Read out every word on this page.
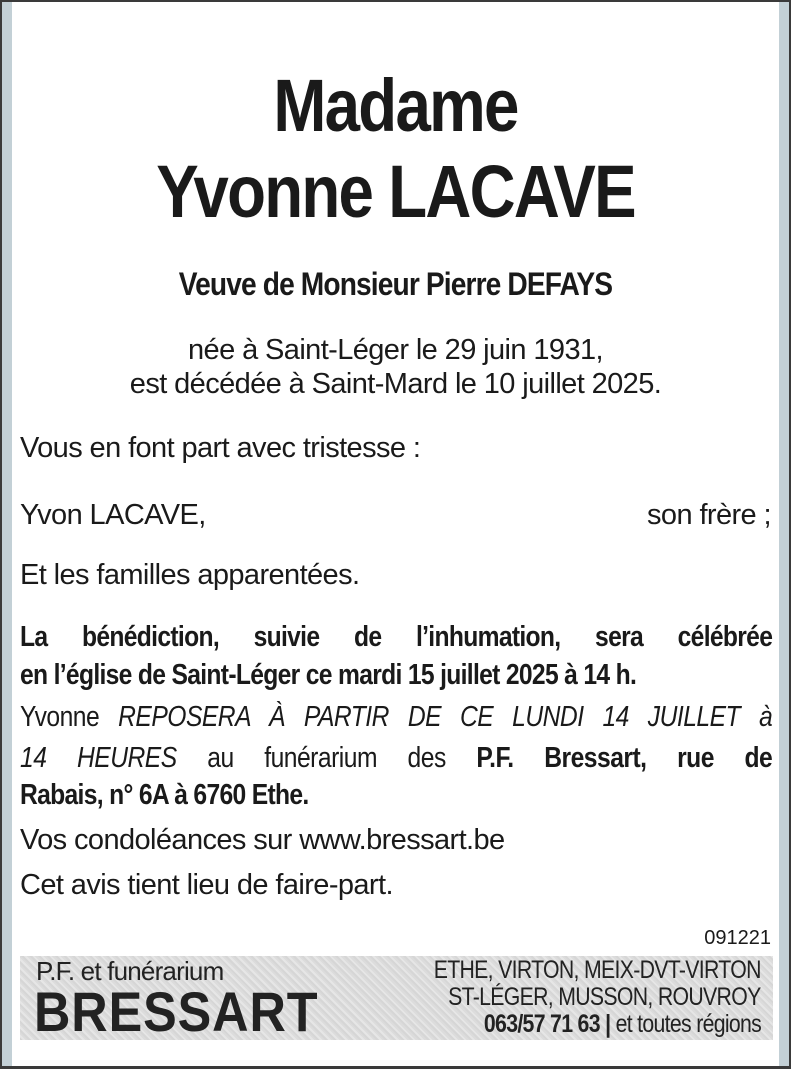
Madame
Yvonne LACAVE
Veuve de Monsieur Pierre DEFAYS
née à Saint-Léger le 29 juin 1931,
est décédée à Saint-Mard le 10 juillet 2025.
Vous en font part avec tristesse :
Yvon LACAVE,	son frère ;
Et les familles apparentées.
La bénédiction, suivie de l’inhumation, sera célébrée
en l’église de Saint-Léger ce mardi 15 juillet 2025 à 14 h.
Yvonne REPOSERA À PARTIR DE CE LUNDI 14 JUILLET à
14 HEURES au funérarium des P.F. Bressart, rue de
Rabais, n° 6A à 6760 Ethe.
Vos condoléances sur www.bressart.be
Cet avis tient lieu de faire-part.
091221
P.F. et funérarium
BRESSART
ETHE, VIRTON, MEIX-DVT-VIRTON
ST-LÉGER, MUSSON, ROUVROY
063/57 71 63 | et toutes régions
